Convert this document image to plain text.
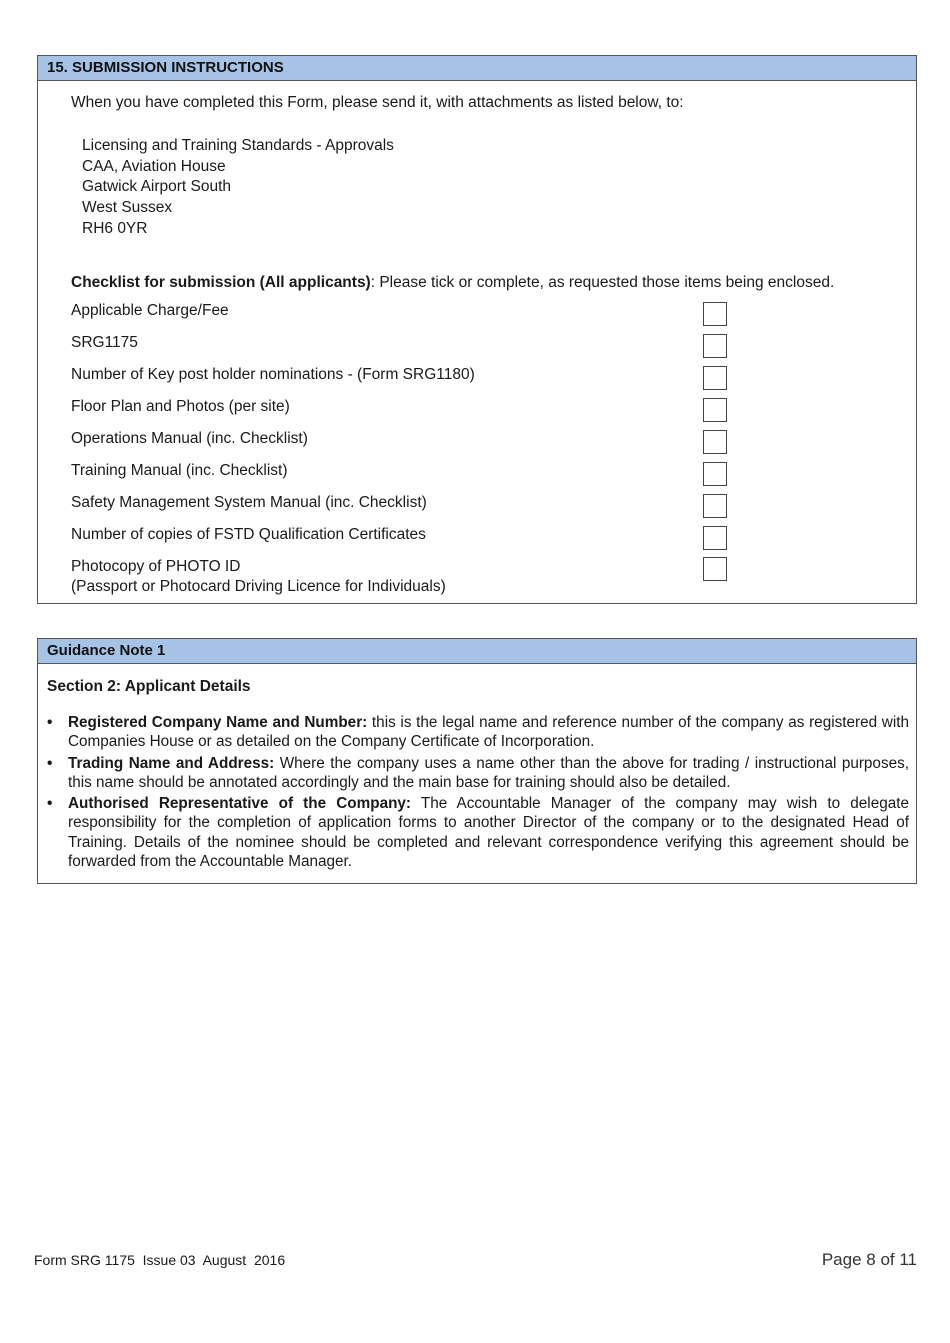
15. SUBMISSION INSTRUCTIONS
When you have completed this Form, please send it, with attachments as listed below, to:
Licensing and Training Standards - Approvals
CAA, Aviation House
Gatwick Airport South
West Sussex
RH6 0YR
Checklist for submission (All applicants): Please tick or complete, as requested those items being enclosed.
Applicable Charge/Fee
SRG1175
Number of Key post holder nominations - (Form SRG1180)
Floor Plan and Photos (per site)
Operations Manual (inc. Checklist)
Training Manual (inc. Checklist)
Safety Management System Manual (inc. Checklist)
Number of copies of FSTD Qualification Certificates
Photocopy of PHOTO ID
(Passport or Photocard Driving Licence for Individuals)
Guidance Note 1
Section 2: Applicant Details
• Registered Company Name and Number: this is the legal name and reference number of the company as registered with Companies House or as detailed on the Company Certificate of Incorporation.
• Trading Name and Address: Where the company uses a name other than the above for trading / instructional purposes, this name should be annotated accordingly and the main base for training should also be detailed.
• Authorised Representative of the Company: The Accountable Manager of the company may wish to delegate responsibility for the completion of application forms to another Director of the company or to the designated Head of Training. Details of the nominee should be completed and relevant correspondence verifying this agreement should be forwarded from the Accountable Manager.
Form SRG 1175  Issue 03  August  2016	Page 8 of 11
